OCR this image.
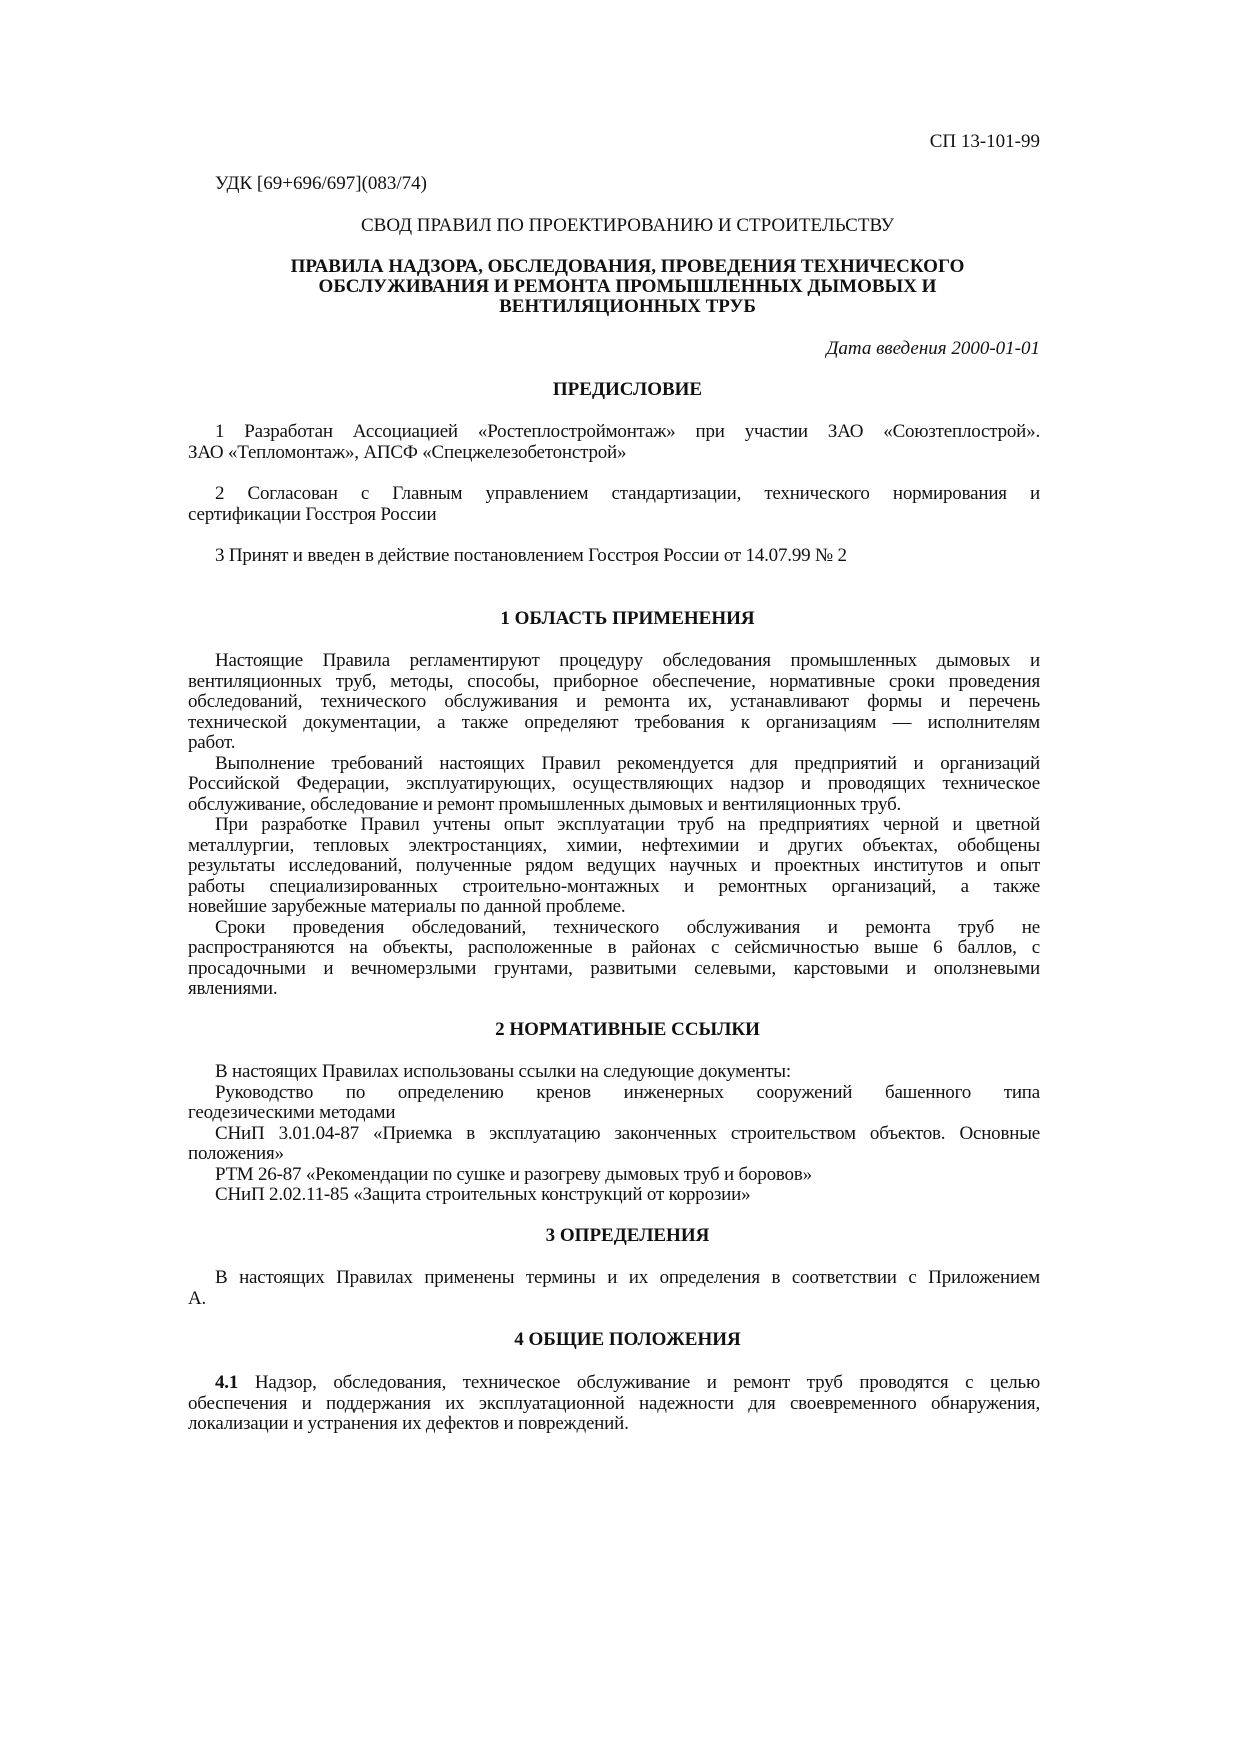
СП 13-101-99
УДК [69+696/697](083/74)
СВОД ПРАВИЛ ПО ПРОЕКТИРОВАНИЮ И СТРОИТЕЛЬСТВУ
ПРАВИЛА НАДЗОРА, ОБСЛЕДОВАНИЯ, ПРОВЕДЕНИЯ ТЕХНИЧЕСКОГО
ОБСЛУЖИВАНИЯ И РЕМОНТА ПРОМЫШЛЕННЫХ ДЫМОВЫХ И
ВЕНТИЛЯЦИОННЫХ ТРУБ
Дата введения 2000-01-01
ПРЕДИСЛОВИЕ
1 Разработан Ассоциацией «Ростеплостроймонтаж» при участии ЗАО «Союзтеплострой».
ЗАО «Тепломонтаж», АПСФ «Спецжелезобетонстрой»
2 Согласован с Главным управлением стандартизации, технического нормирования и
сертификации Госстроя России
3 Принят и введен в действие постановлением Госстроя России от 14.07.99 № 2
1 ОБЛАСТЬ ПРИМЕНЕНИЯ
Настоящие Правила регламентируют процедуру обследования промышленных дымовых и
вентиляционных труб, методы, способы, приборное обеспечение, нормативные сроки проведения
обследований, технического обслуживания и ремонта их, устанавливают формы и перечень
технической документации, а также определяют требования к организациям — исполнителям
работ.
Выполнение требований настоящих Правил рекомендуется для предприятий и организаций
Российской Федерации, эксплуатирующих, осуществляющих надзор и проводящих техническое
обслуживание, обследование и ремонт промышленных дымовых и вентиляционных труб.
При разработке Правил учтены опыт эксплуатации труб на предприятиях черной и цветной
металлургии, тепловых электростанциях, химии, нефтехимии и других объектах, обобщены
результаты исследований, полученные рядом ведущих научных и проектных институтов и опыт
работы специализированных строительно-монтажных и ремонтных организаций, а также
новейшие зарубежные материалы по данной проблеме.
Сроки проведения обследований, технического обслуживания и ремонта труб не
распространяются на объекты, расположенные в районах с сейсмичностью выше 6 баллов, с
просадочными и вечномерзлыми грунтами, развитыми селевыми, карстовыми и оползневыми
явлениями.
2 НОРМАТИВНЫЕ ССЫЛКИ
В настоящих Правилах использованы ссылки на следующие документы:
Руководство по определению кренов инженерных сооружений башенного типа
геодезическими методами
СНиП 3.01.04-87 «Приемка в эксплуатацию законченных строительством объектов. Основные
положения»
РТМ 26-87 «Рекомендации по сушке и разогреву дымовых труб и боровов»
СНиП 2.02.11-85 «Защита строительных конструкций от коррозии»
3 ОПРЕДЕЛЕНИЯ
В настоящих Правилах применены термины и их определения в соответствии с Приложением
А.
4 ОБЩИЕ ПОЛОЖЕНИЯ
4.1 Надзор, обследования, техническое обслуживание и ремонт труб проводятся с целью
обеспечения и поддержания их эксплуатационной надежности для своевременного обнаружения,
локализации и устранения их дефектов и повреждений.
